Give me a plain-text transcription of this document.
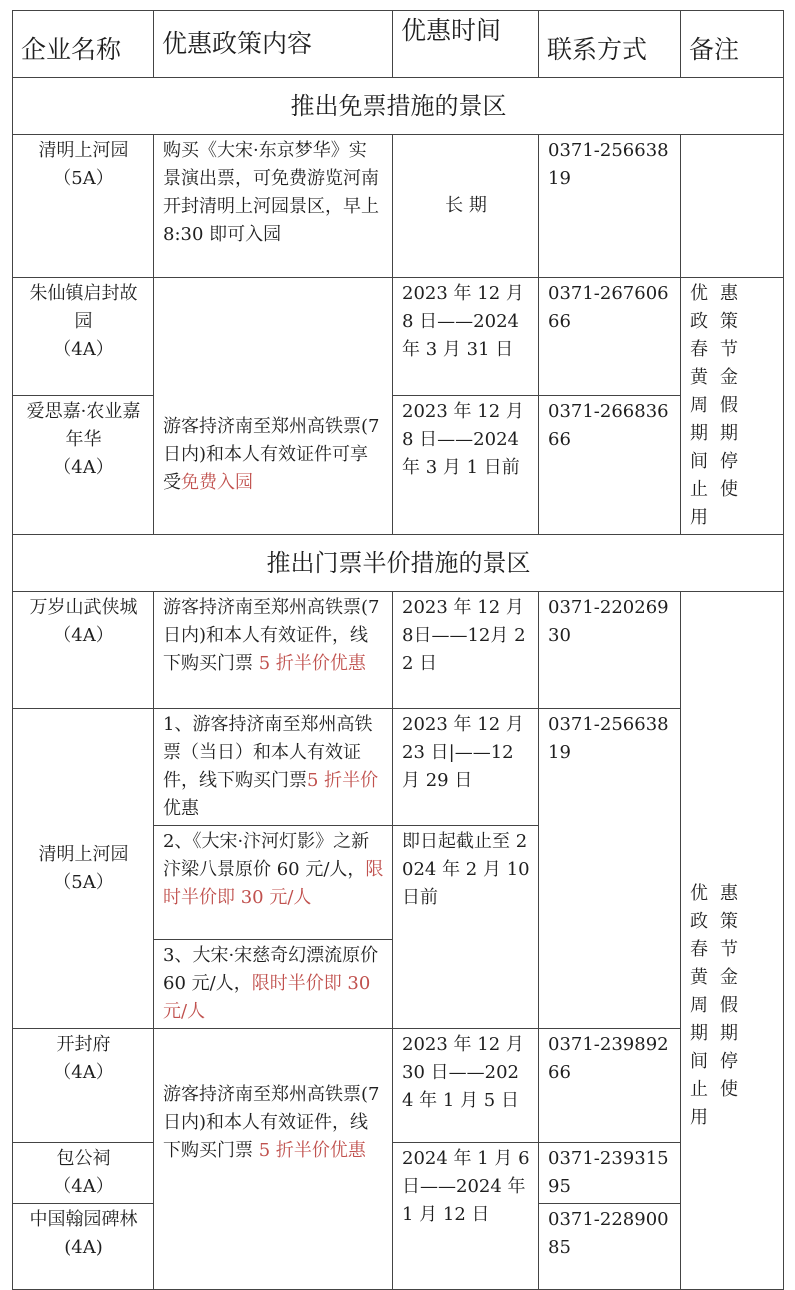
企业名称	优惠政策内容	优惠时间	联系方式	备注
推出免票措施的景区				

清明上河园
（5A）	购买《大宋·东京梦华》实景演出票，可免费游览河南开封清明上河园景区，早上 8:30 即可入园	长 期	0371-25663819	

朱仙镇启封故园
（4A）	游客持济南至郑州高铁票(7 日内)和本人有效证件可享受免费入园	2023 年 12 月 8 日——2024 年 3 月 31 日	0371-26760666	优惠政策春节黄金周假期期间停止使用

爱思嘉·农业嘉年华
（4A）		2023 年 12 月 8 日——2024 年 3 月 1 日前	0371-26683666	
推出门票半价措施的景区				

万岁山武侠城
（4A）	游客持济南至郑州高铁票(7 日内)和本人有效证件，线下购买门票 5 折半价优惠	2023 年 12 月 8日——12月 22 日	0371-22026930	优惠政策春节黄金周假期期间停止使用

清明上河园
（5A）	1、游客持济南至郑州高铁票（当日）和本人有效证件，线下购买门票5 折半价优惠	2023 年 12 月 23 日|——12 月 29 日	0371-25663819	
	2、《大宋·汴河灯影》之新汴梁八景原价 60 元/人，限时半价即 30 元/人	即日起截止至 2024 年 2 月 10 日前		
	3、大宋·宋慈奇幻漂流原价 60 元/人，限时半价即 30 元/人			

开封府
（4A）	游客持济南至郑州高铁票(7 日内)和本人有效证件，线下购买门票 5 折半价优惠	2023 年 12 月 30 日——2024 年 1 月 5 日	0371-23989266	

包公祠
（4A）		2024 年 1 月 6 日——2024 年 1 月 12 日	0371-23931595	

中国翰园碑林
(4A)			0371-22890085	
